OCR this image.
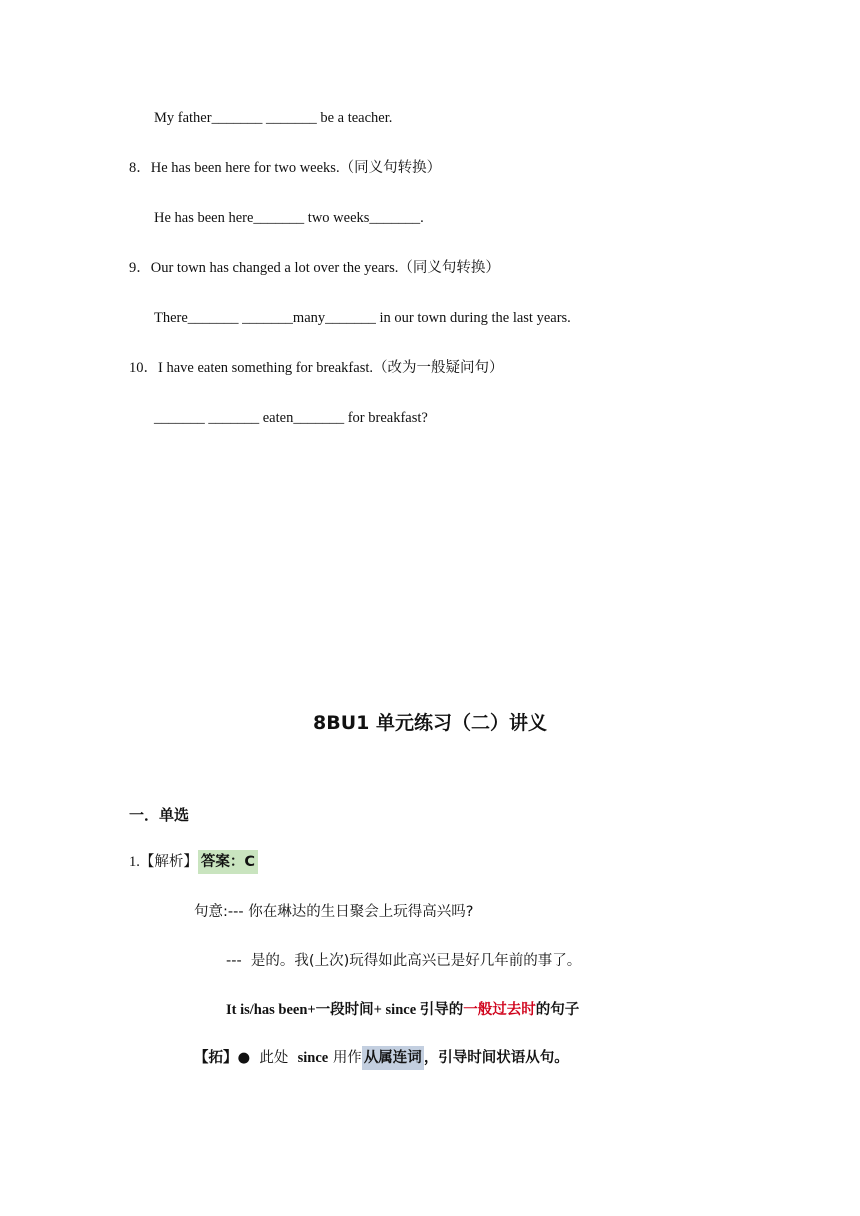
My father_______ _______ be a teacher.
8．He has been here for two weeks.（同义句转换）
He has been here_______ two weeks_______.
9．Our town has changed a lot over the years.（同义句转换）
There_______ _______many_______ in our town during the last years.
10．I have eaten something for breakfast.（改为一般疑问句）
_______ _______ eaten_______ for breakfast?
8BU1 单元练习（二）讲义
一．单选
1.【解析】 答案：C
句意:--- 你在琳达的生日聚会上玩得高兴吗?
--- 是的。我(上次)玩得如此高兴已是好几年前的事了。
It is/has been+一段时间+ since 引导的一般过去时的句子
【拓】● 此处 since 用作 从属连词 ，引导时间状语从句。
